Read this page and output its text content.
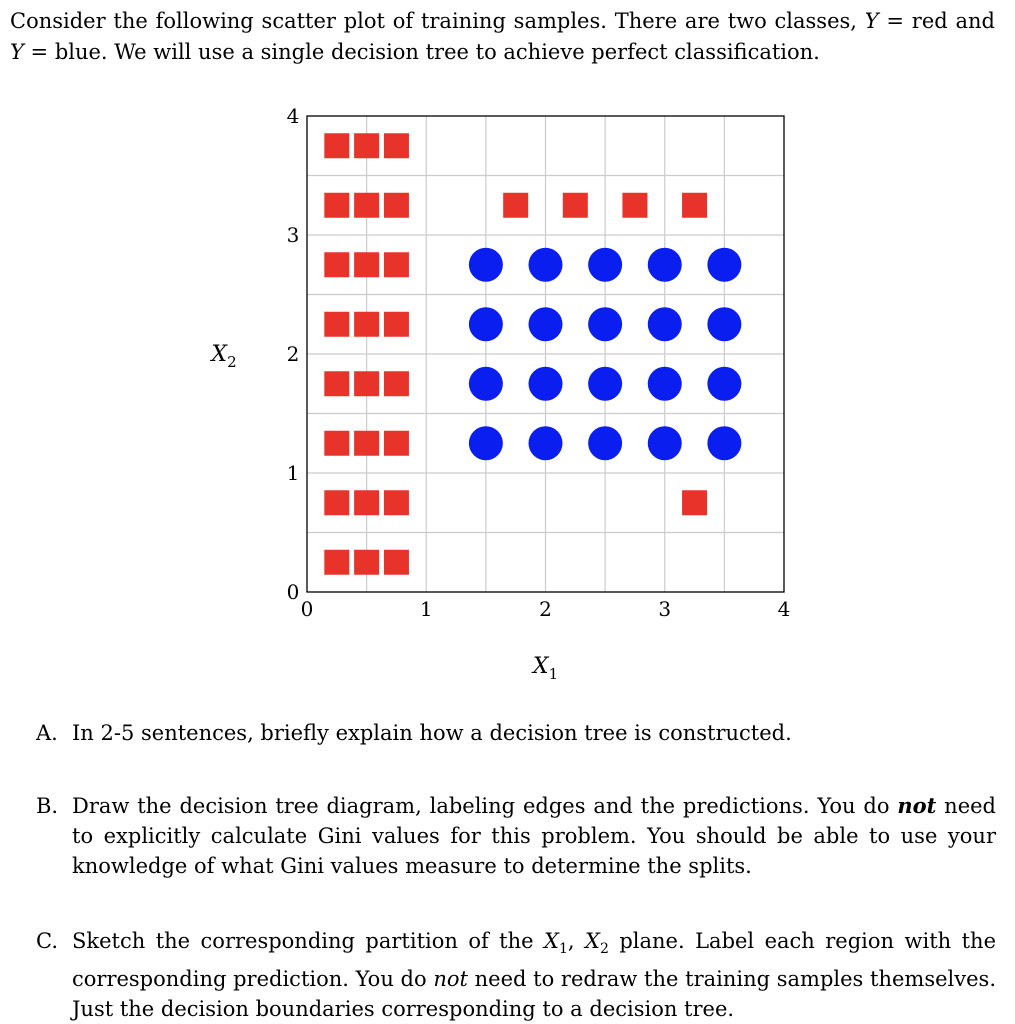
Consider the following scatter plot of training samples. There are two classes, Y = red and
Y = blue. We will use a single decision tree to achieve perfect classification.
0	1	2	3	4
0
1
2
3
4
$X_1$
$X_2$
A. In 2-5 sentences, briefly explain how a decision tree is constructed.
B. Draw the decision tree diagram, labeling edges and the predictions. You do not need
to explicitly calculate Gini values for this problem. You should be able to use your
knowledge of what Gini values measure to determine the splits.
C. Sketch the corresponding partition of the $X_1$, $X_2$ plane. Label each region with the
corresponding prediction. You do not need to redraw the training samples themselves.
Just the decision boundaries corresponding to a decision tree.
